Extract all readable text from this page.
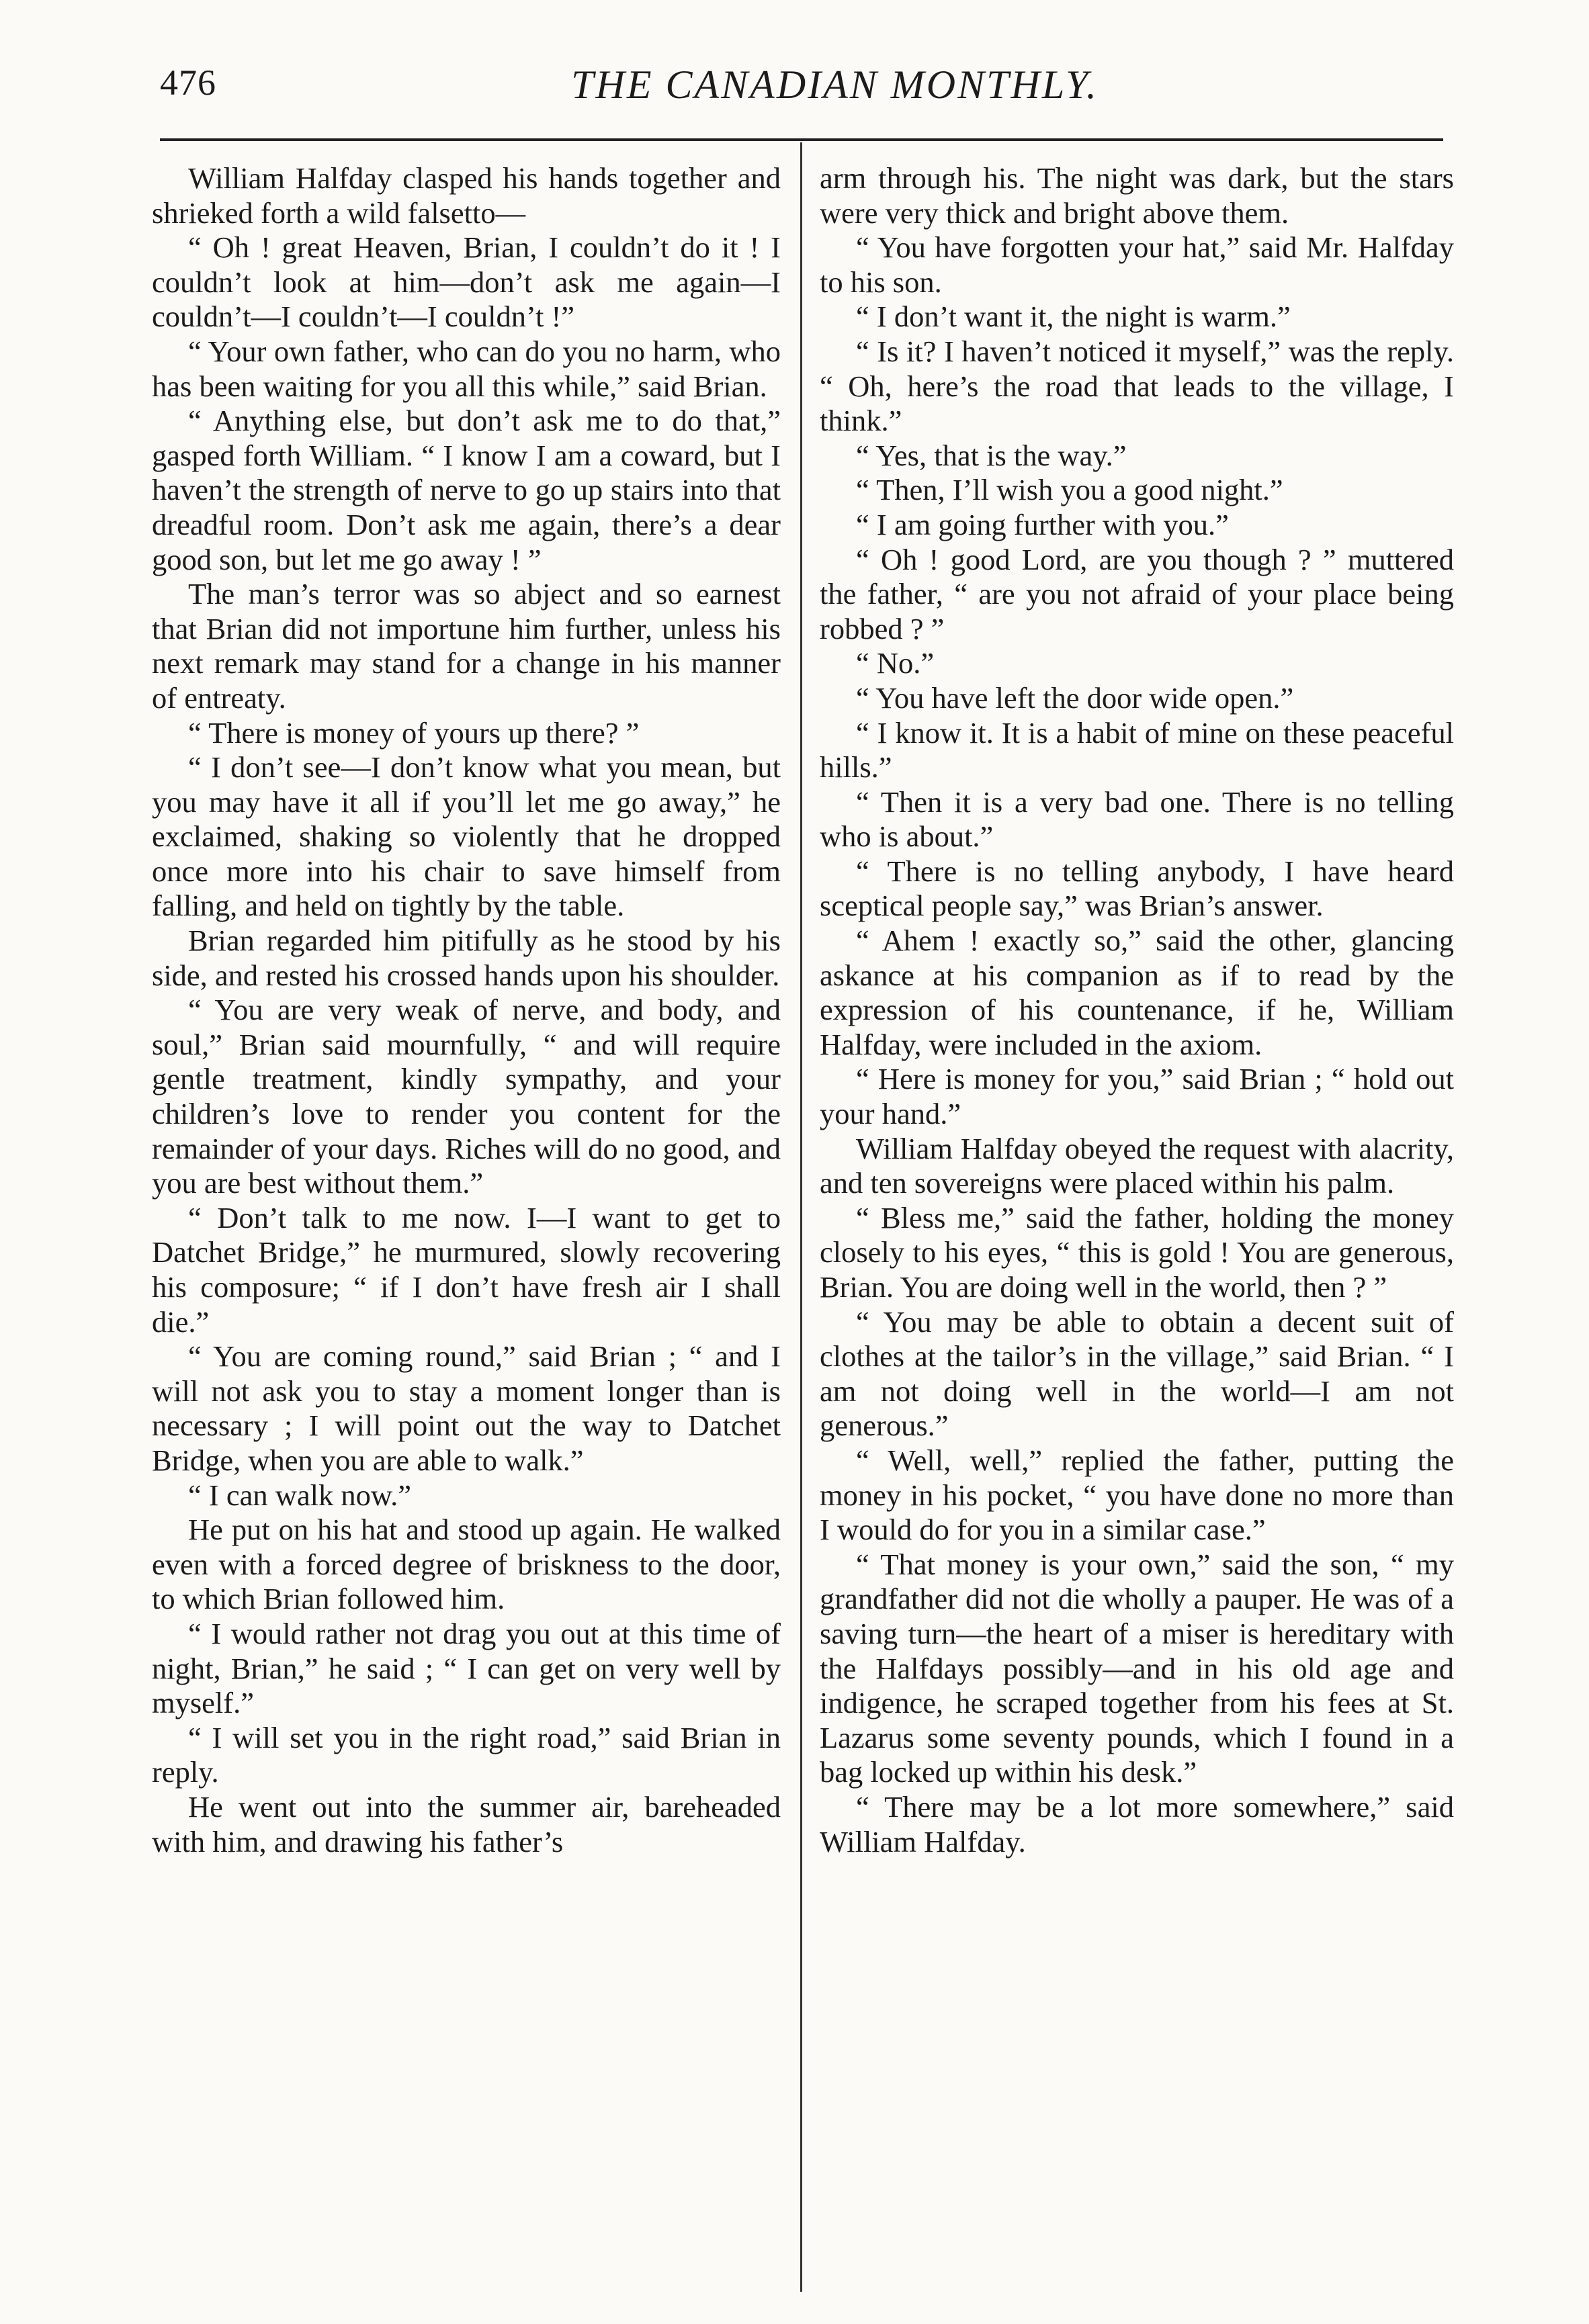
476	THE CANADIAN MONTHLY.

William Halfday clasped his hands together and shrieked forth a wild falsetto—

“ Oh ! great Heaven, Brian, I couldn’t do it ! I couldn’t look at him—don’t ask me again—I couldn’t—I couldn’t—I couldn’t !”

“ Your own father, who can do you no harm, who has been waiting for you all this while,” said Brian.

“ Anything else, but don’t ask me to do that,” gasped forth William. “ I know I am a coward, but I haven’t the strength of nerve to go up stairs into that dreadful room. Don’t ask me again, there’s a dear good son, but let me go away ! ”

The man’s terror was so abject and so earnest that Brian did not importune him further, unless his next remark may stand for a change in his manner of entreaty.

“ There is money of yours up there? ”

“ I don’t see—I don’t know what you mean, but you may have it all if you’ll let me go away,” he exclaimed, shaking so violently that he dropped once more into his chair to save himself from falling, and held on tightly by the table.

Brian regarded him pitifully as he stood by his side, and rested his crossed hands upon his shoulder.

“ You are very weak of nerve, and body, and soul,” Brian said mournfully, “ and will require gentle treatment, kindly sympathy, and your children’s love to render you content for the remainder of your days. Riches will do no good, and you are best without them.”

“ Don’t talk to me now. I—I want to get to Datchet Bridge,” he murmured, slowly recovering his composure; “ if I don’t have fresh air I shall die.”

“ You are coming round,” said Brian ; “ and I will not ask you to stay a moment longer than is necessary ; I will point out the way to Datchet Bridge, when you are able to walk.”

“ I can walk now.”

He put on his hat and stood up again. He walked even with a forced degree of briskness to the door, to which Brian followed him.

“ I would rather not drag you out at this time of night, Brian,” he said ; “ I can get on very well by myself.”

“ I will set you in the right road,” said Brian in reply.

He went out into the summer air, bareheaded with him, and drawing his father’s

arm through his. The night was dark, but the stars were very thick and bright above them.

“ You have forgotten your hat,” said Mr. Halfday to his son.

“ I don’t want it, the night is warm.”

“ Is it? I haven’t noticed it myself,” was the reply. “ Oh, here’s the road that leads to the village, I think.”

“ Yes, that is the way.”

“ Then, I’ll wish you a good night.”

“ I am going further with you.”

“ Oh ! good Lord, are you though ? ” muttered the father, “ are you not afraid of your place being robbed ? ”

“ No.”

“ You have left the door wide open.”

“ I know it. It is a habit of mine on these peaceful hills.”

“ Then it is a very bad one. There is no telling who is about.”

“ There is no telling anybody, I have heard sceptical people say,” was Brian’s answer.

“ Ahem ! exactly so,” said the other, glancing askance at his companion as if to read by the expression of his countenance, if he, William Halfday, were included in the axiom.

“ Here is money for you,” said Brian ; “ hold out your hand.”

William Halfday obeyed the request with alacrity, and ten sovereigns were placed within his palm.

“ Bless me,” said the father, holding the money closely to his eyes, “ this is gold ! You are generous, Brian. You are doing well in the world, then ? ”

“ You may be able to obtain a decent suit of clothes at the tailor’s in the village,” said Brian. “ I am not doing well in the world—I am not generous.”

“ Well, well,” replied the father, putting the money in his pocket, “ you have done no more than I would do for you in a similar case.”

“ That money is your own,” said the son, “ my grandfather did not die wholly a pauper. He was of a saving turn—the heart of a miser is hereditary with the Halfdays possibly—and in his old age and indigence, he scraped together from his fees at St. Lazarus some seventy pounds, which I found in a bag locked up within his desk.”

“ There may be a lot more somewhere,” said William Halfday.
